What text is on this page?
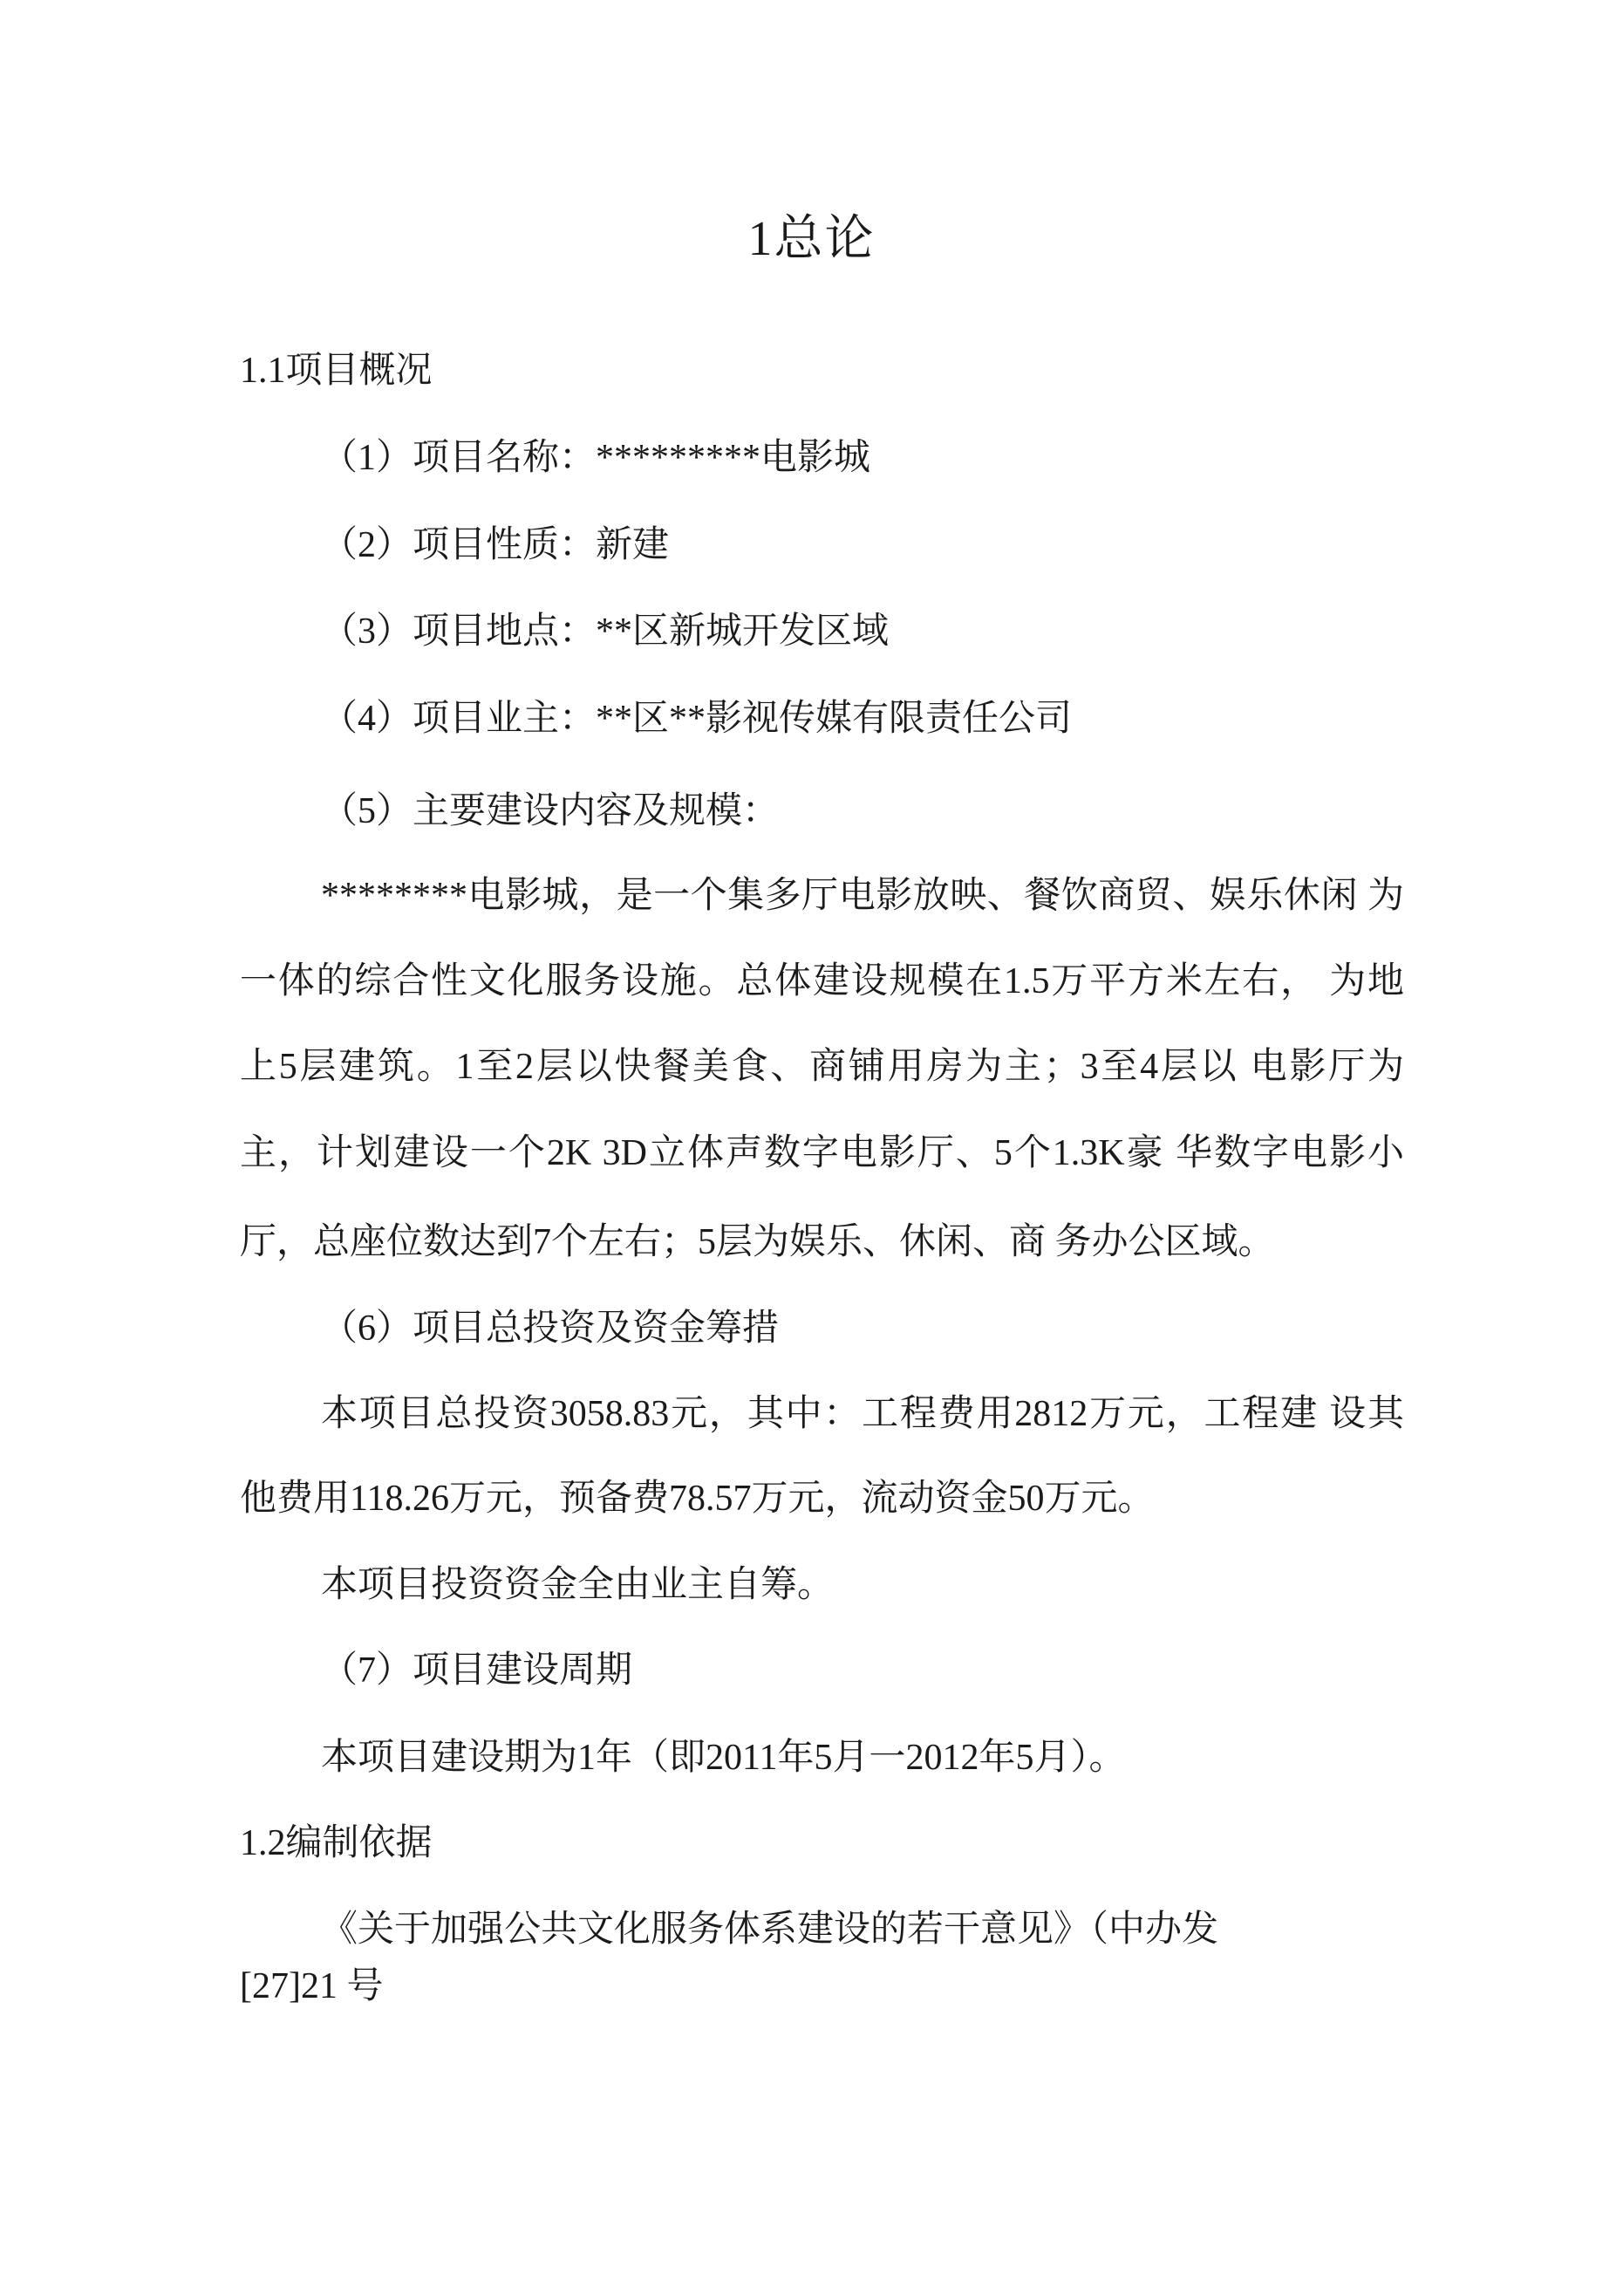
1总论
1.1项目概况
（1）项目名称：*********电影城
（2）项目性质：新建
（3）项目地点：**区新城开发区域
（4）项目业主：**区**影视传媒有限责任公司
（5）主要建设内容及规模：
********电影城，是一个集多厅电影放映、餐饮商贸、娱乐休闲 为
一体的综合性文化服务设施。总体建设规模在1.5万平方米左右， 为地
上5层建筑。1至2层以快餐美食、商铺用房为主；3至4层以 电影厅为
主，计划建设一个2K 3D立体声数字电影厅、5个1.3K豪 华数字电影小
厅，总座位数达到7个左右；5层为娱乐、休闲、商 务办公区域。
（6）项目总投资及资金筹措
本项目总投资3058.83元，其中：工程费用2812万元，工程建 设其
他费用118.26万元，预备费78.57万元，流动资金50万元。
本项目投资资金全由业主自筹。
（7）项目建设周期
本项目建设期为1年（即2011年5月一2012年5月）。
1.2编制依据
《关于加强公共文化服务体系建设的若干意见》（中办发
[27]21 号
